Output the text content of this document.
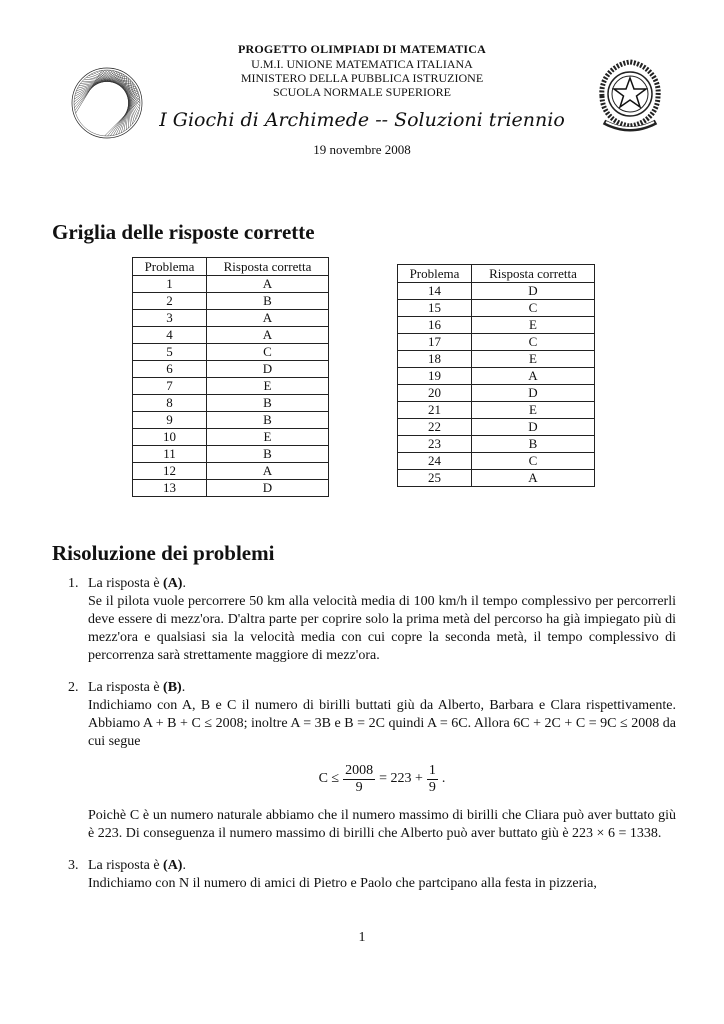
PROGETTO OLIMPIADI DI MATEMATICA
U.M.I. UNIONE MATEMATICA ITALIANA
MINISTERO DELLA PUBBLICA ISTRUZIONE
SCUOLA NORMALE SUPERIORE
I Giochi di Archimede -- Soluzioni triennio
19 novembre 2008
Griglia delle risposte corrette
Problema	Risposta corretta
1	A
2	B
3	A
4	A
5	C
6	D
7	E
8	B
9	B
10	E
11	B
12	A
13	D
Problema	Risposta corretta
14	D
15	C
16	E
17	C
18	E
19	A
20	D
21	E
22	D
23	B
24	C
25	A
Risoluzione dei problemi
1. La risposta è (A).
Se il pilota vuole percorrere 50 km alla velocità media di 100 km/h il tempo complessivo per percorrerli deve essere di mezz'ora. D'altra parte per coprire solo la prima metà del percorso ha già impiegato più di mezz'ora e qualsiasi sia la velocità media con cui copre la seconda metà, il tempo complessivo di percorrenza sarà strettamente maggiore di mezz'ora.
2. La risposta è (B).
Indichiamo con A, B e C il numero di birilli buttati giù da Alberto, Barbara e Clara rispettivamente. Abbiamo A + B + C ≤ 2008; inoltre A = 3B e B = 2C quindi A = 6C. Allora 6C + 2C + C = 9C ≤ 2008 da cui segue
$C \le \frac{2008}{9} = 223 + \frac{1}{9}$ .
Poichè C è un numero naturale abbiamo che il numero massimo di birilli che Cliara può aver buttato giù è 223. Di conseguenza il numero massimo di birilli che Alberto può aver buttato giù è 223 × 6 = 1338.
3. La risposta è (A).
Indichiamo con N il numero di amici di Pietro e Paolo che partcipano alla festa in pizzeria,
1
